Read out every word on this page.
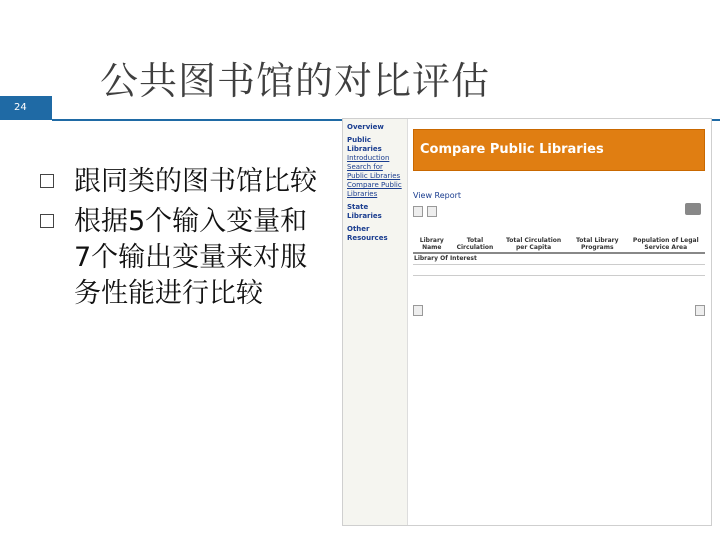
公共图书馆的对比评估
24
跟同类的图书馆比较
根据5个输入变量和7个输出变量来对服务性能进行比较
Overview
Public Libraries
Introduction
Search for Public Libraries
Compare Public Libraries
State Libraries
Other Resources
Compare Public Libraries
View Report
Library Name	Total Circulation	Total Circulation per Capita	Total Library Programs	Population of Legal Service Area
Library Of Interest				
